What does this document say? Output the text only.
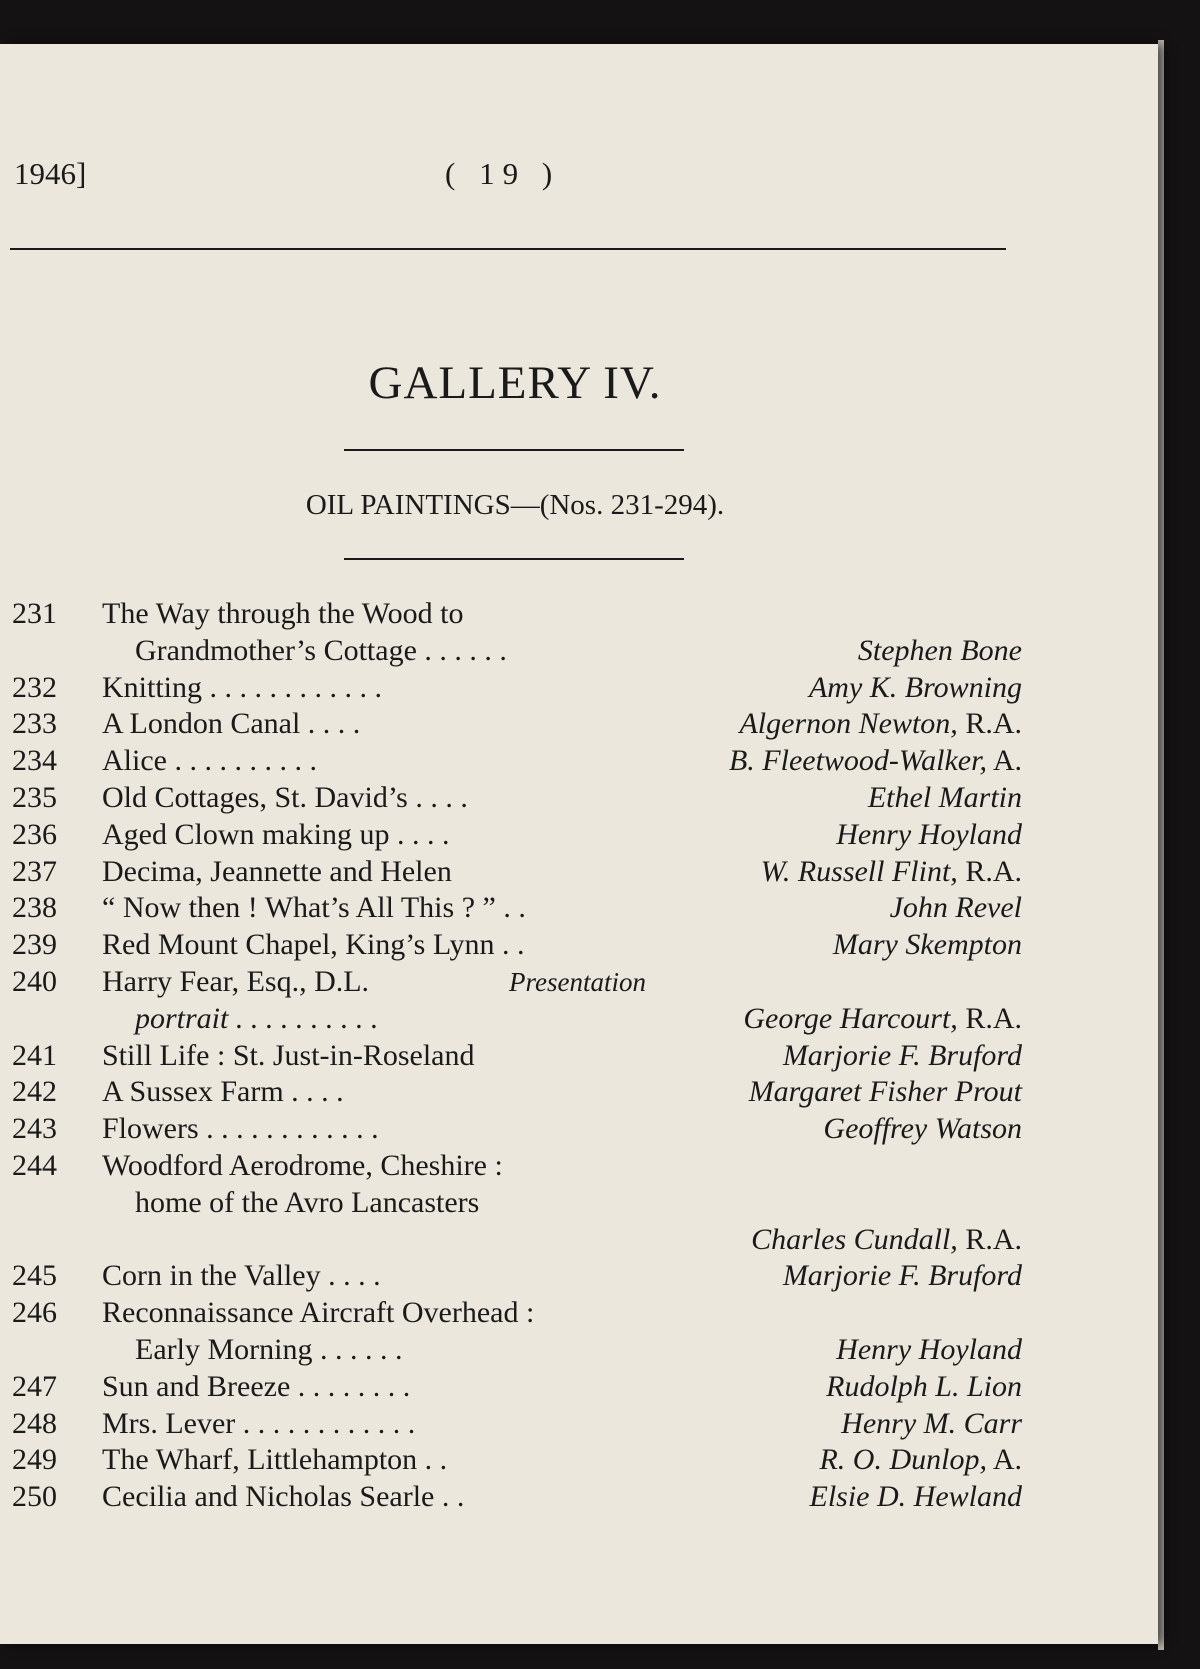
1946]	( 19 )
GALLERY IV.
OIL PAINTINGS—(Nos. 231-294).
231	The Way through the Wood to
Grandmother’s Cottage . . . . . .	Stephen Bone
232	Knitting . . . . . . . . . . . .	Amy K. Browning
233	A London Canal . . . .	Algernon Newton, R.A.
234	Alice . . . . . . . . . .	B. Fleetwood-Walker, A.
235	Old Cottages, St. David’s . . . .	Ethel Martin
236	Aged Clown making up . . . .	Henry Hoyland
237	Decima, Jeannette and Helen	W. Russell Flint, R.A.
238	“ Now then ! What’s All This ? ” . .	John Revel
239	Red Mount Chapel, King’s Lynn . .	Mary Skempton
240	Harry Fear, Esq., D.L.	Presentation
portrait . . . . . . . . . .	George Harcourt, R.A.
241	Still Life : St. Just-in-Roseland	Marjorie F. Bruford
242	A Sussex Farm . . . .	Margaret Fisher Prout
243	Flowers . . . . . . . . . . . .	Geoffrey Watson
244	Woodford Aerodrome, Cheshire :
home of the Avro Lancasters
Charles Cundall, R.A.
245	Corn in the Valley . . . .	Marjorie F. Bruford
246	Reconnaissance Aircraft Overhead :
Early Morning . . . . . .	Henry Hoyland
247	Sun and Breeze . . . . . . . .	Rudolph L. Lion
248	Mrs. Lever . . . . . . . . . . . .	Henry M. Carr
249	The Wharf, Littlehampton . .	R. O. Dunlop, A.
250	Cecilia and Nicholas Searle . .	Elsie D. Hewland
